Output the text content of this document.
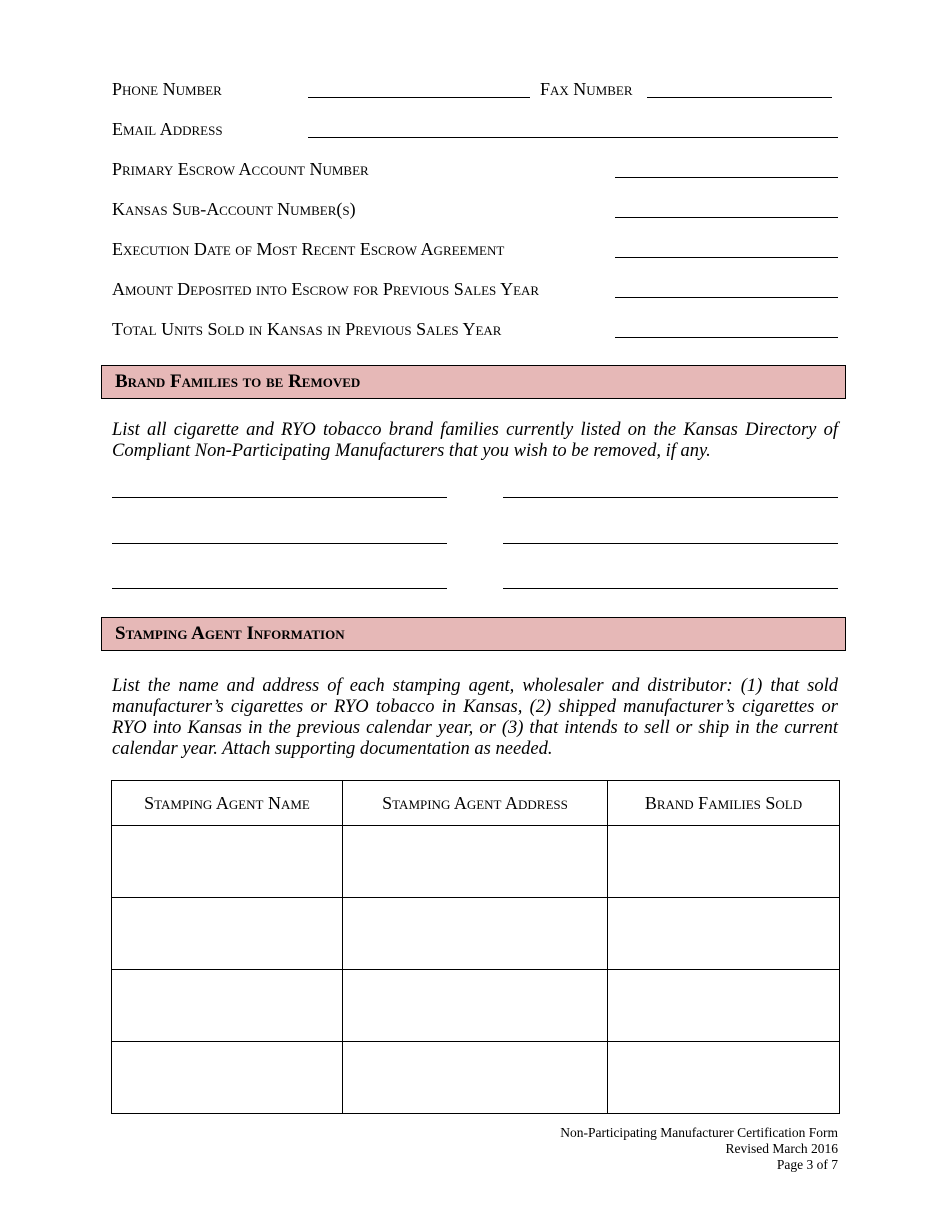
Phone Number	Fax Number
Email Address
Primary Escrow Account Number
Kansas Sub-Account Number(s)
Execution Date of Most Recent Escrow Agreement
Amount Deposited into Escrow for Previous Sales Year
Total Units Sold in Kansas in Previous Sales Year
Brand Families to be Removed

List all cigarette and RYO tobacco brand families currently listed on the Kansas Directory of Compliant Non-Participating Manufacturers that you wish to be removed, if any.

Stamping Agent Information

List the name and address of each stamping agent, wholesaler and distributor: (1) that sold manufacturer’s cigarettes or RYO tobacco in Kansas, (2) shipped manufacturer’s cigarettes or RYO into Kansas in the previous calendar year, or (3) that intends to sell or ship in the current calendar year. Attach supporting documentation as needed.

Stamping Agent Name	Stamping Agent Address	Brand Families Sold

Non-Participating Manufacturer Certification Form
Revised March 2016
Page 3 of 7
